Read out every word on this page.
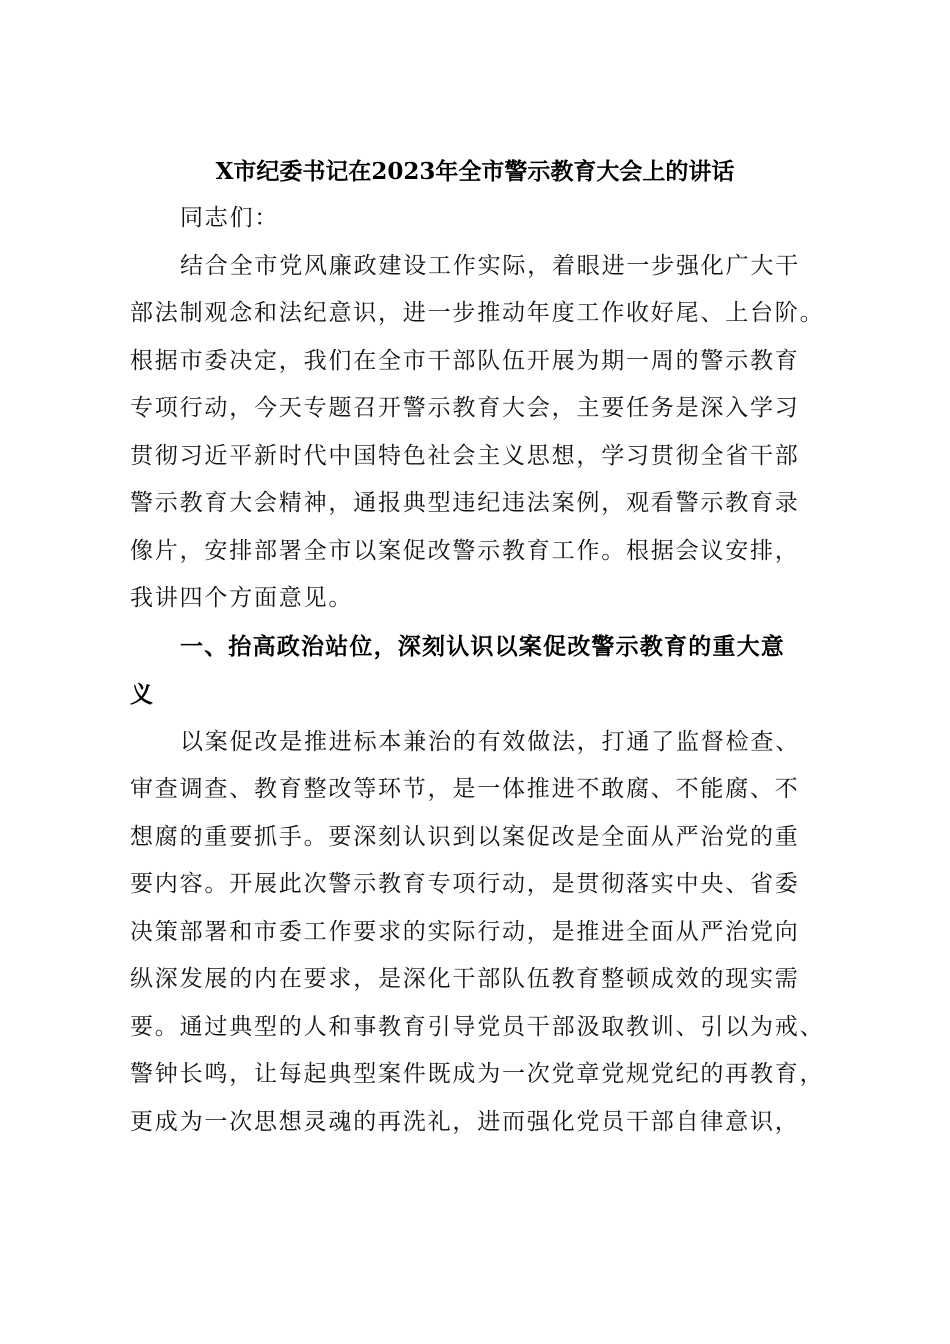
X市纪委书记在2023年全市警示教育大会上的讲话
同志们：
结合全市党风廉政建设工作实际，着眼进一步强化广大干
部法制观念和法纪意识，进一步推动年度工作收好尾、上台阶。
根据市委决定，我们在全市干部队伍开展为期一周的警示教育
专项行动，今天专题召开警示教育大会，主要任务是深入学习
贯彻习近平新时代中国特色社会主义思想，学习贯彻全省干部
警示教育大会精神，通报典型违纪违法案例，观看警示教育录
像片，安排部署全市以案促改警示教育工作。根据会议安排，
我讲四个方面意见。
一、抬高政治站位，深刻认识以案促改警示教育的重大意
义
以案促改是推进标本兼治的有效做法，打通了监督检查、
审查调查、教育整改等环节，是一体推进不敢腐、不能腐、不
想腐的重要抓手。要深刻认识到以案促改是全面从严治党的重
要内容。开展此次警示教育专项行动，是贯彻落实中央、省委
决策部署和市委工作要求的实际行动，是推进全面从严治党向
纵深发展的内在要求，是深化干部队伍教育整顿成效的现实需
要。通过典型的人和事教育引导党员干部汲取教训、引以为戒、
警钟长鸣，让每起典型案件既成为一次党章党规党纪的再教育，
更成为一次思想灵魂的再洗礼，进而强化党员干部自律意识，
